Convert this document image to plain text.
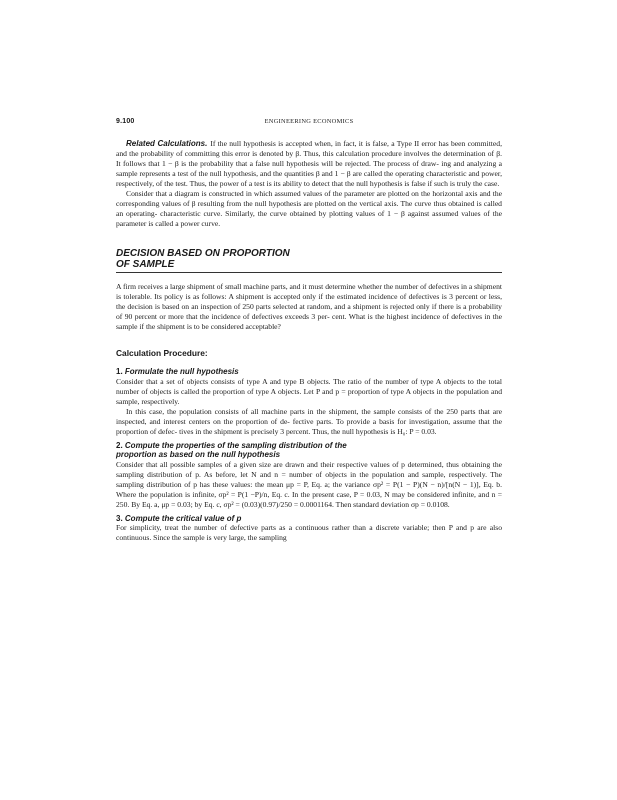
9.100	ENGINEERING ECONOMICS

Related Calculations. If the null hypothesis is accepted when, in fact, it is false, a Type II error has been committed, and the probability of committing this error is denoted by β. Thus, this calculation procedure involves the determination of β. It follows that 1 − β is the probability that a false null hypothesis will be rejected. The process of draw- ing and analyzing a sample represents a test of the null hypothesis, and the quantities β and 1 − β are called the operating characteristic and power, respectively, of the test. Thus, the power of a test is its ability to detect that the null hypothesis is false if such is truly the case.

Consider that a diagram is constructed in which assumed values of the parameter are plotted on the horizontal axis and the corresponding values of β resulting from the null hypothesis are plotted on the vertical axis. The curve thus obtained is called an operating- characteristic curve. Similarly, the curve obtained by plotting values of 1 − β against assumed values of the parameter is called a power curve.

DECISION BASED ON PROPORTION
OF SAMPLE

A firm receives a large shipment of small machine parts, and it must determine whether the number of defectives in a shipment is tolerable. Its policy is as follows: A shipment is accepted only if the estimated incidence of defectives is 3 percent or less, the decision is based on an inspection of 250 parts selected at random, and a shipment is rejected only if there is a probability of 90 percent or more that the incidence of defectives exceeds 3 per- cent. What is the highest incidence of defectives in the sample if the shipment is to be considered acceptable?

Calculation Procedure:
1. Formulate the null hypothesis

Consider that a set of objects consists of type A and type B objects. The ratio of the number of type A objects to the total number of objects is called the proportion of type A objects. Let P and p = proportion of type A objects in the population and sample, respectively.

In this case, the population consists of all machine parts in the shipment, the sample consists of the 250 parts that are inspected, and interest centers on the proportion of de- fective parts. To provide a basis for investigation, assume that the proportion of defec- tives in the shipment is precisely 3 percent. Thus, the null hypothesis is H₀: P = 0.03.

2. Compute the properties of the sampling distribution of the
proportion as based on the null hypothesis

Consider that all possible samples of a given size are drawn and their respective values of p determined, thus obtaining the sampling distribution of p. As before, let N and n = number of objects in the population and sample, respectively. The sampling distribution of p has these values: the mean μp = P, Eq. a; the variance σp² = P(1 − P)(N − n)/[n(N − 1)], Eq. b. Where the population is infinite, σp² = P(1 −P)/n, Eq. c. In the present case, P = 0.03, N may be considered infinite, and n = 250. By Eq. a, μp = 0.03; by Eq. c, σp² = (0.03)(0.97)/250 = 0.0001164. Then standard deviation σp = 0.0108.

3. Compute the critical value of p

For simplicity, treat the number of defective parts as a continuous rather than a discrete variable; then P and p are also continuous. Since the sample is very large, the sampling
